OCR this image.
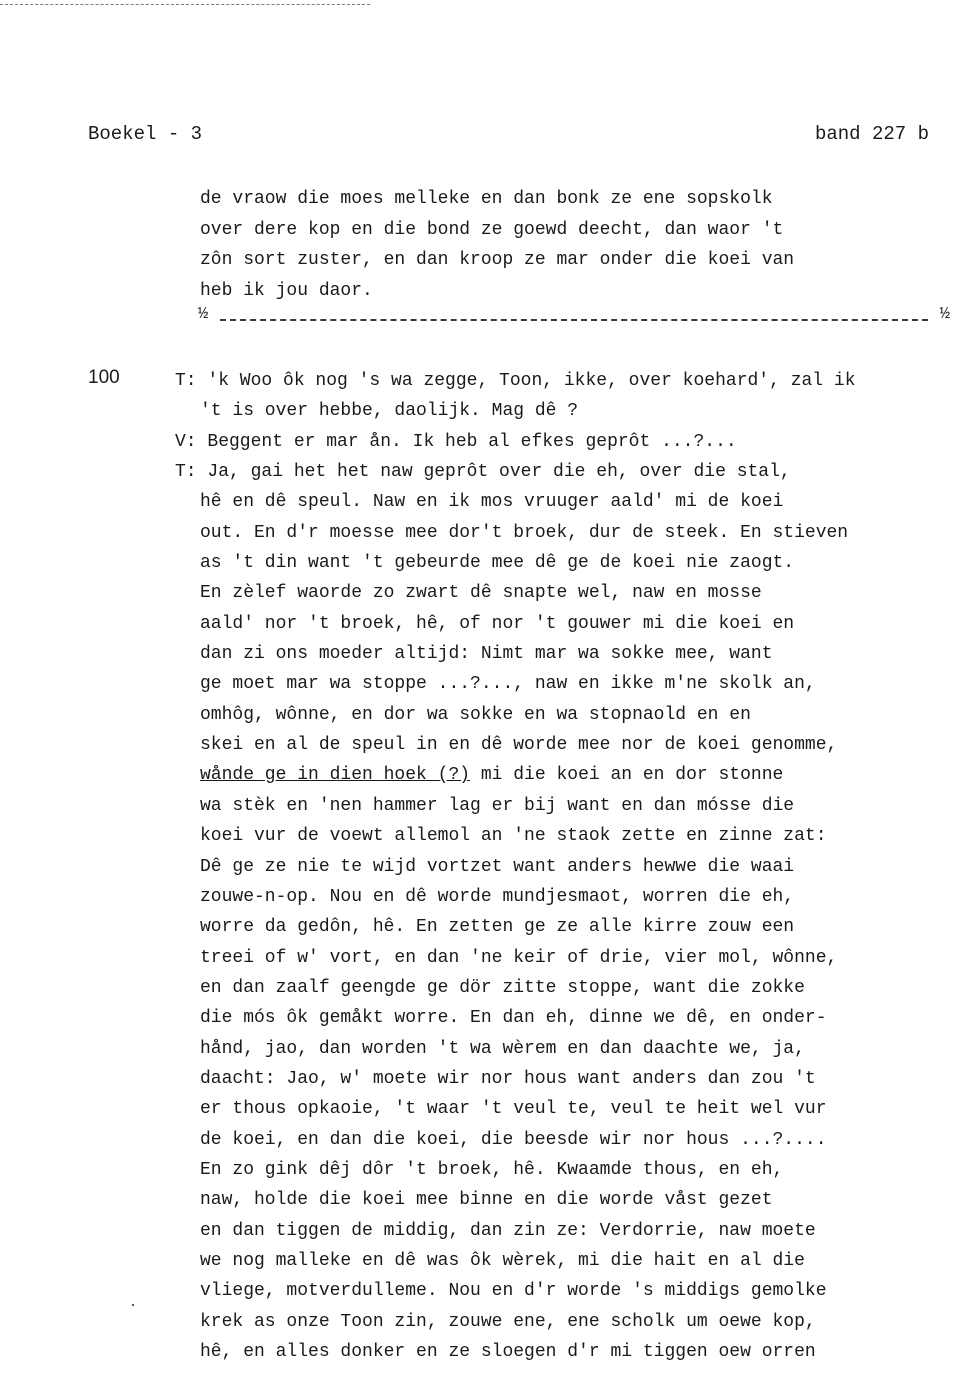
Boekel - 3	band 227 b
de vraow die moes melleke en dan bonk ze ene sopskolk
over dere kop en die bond ze goewd deecht, dan waor 't
zôn sort zuster, en dan kroop ze mar onder die koei van
heb ik jou daor.
½	½
100	T: 'k Woo ôk nog 's wa zegge, Toon, ikke, over koehard', zal ik
't is over hebbe, daolijk. Mag dê ?
V: Beggent er mar ån. Ik heb al efkes geprôt ...?...
T: Ja, gai het het naw geprôt over die eh, over die stal,
hê en dê speul. Naw en ik mos vruuger aald' mi de koei
out. En d'r moesse mee dor't broek, dur de steek. En stieven
as 't din want 't gebeurde mee dê ge de koei nie zaogt.
En zèlef waorde zo zwart dê snapte wel, naw en mosse
aald' nor 't broek, hê, of nor 't gouwer mi die koei en
dan zi ons moeder altijd: Nimt mar wa sokke mee, want
ge moet mar wa stoppe ...?..., naw en ikke m'ne skolk an,
omhôg, wônne, en dor wa sokke en wa stopnaold en en
skei en al de speul in en dê worde mee nor de koei genomme,
wånde ge in dien hoek (?) mi die koei an en dor stonne
wa stèk en 'nen hammer lag er bij want en dan mósse die
koei vur de voewt allemol an 'ne staok zette en zinne zat:
Dê ge ze nie te wijd vortzet want anders hewwe die waai
zouwe-n-op. Nou en dê worde mundjesmaot, worren die eh,
worre da gedôn, hê. En zetten ge ze alle kirre zouw een
treei of w' vort, en dan 'ne keir of drie, vier mol, wônne,
en dan zaalf geengde ge dör zitte stoppe, want die zokke
die mós ôk gemåkt worre. En dan eh, dinne we dê, en onder-
hånd, jao, dan worden 't wa wèrem en dan daachte we, ja,
daacht: Jao, w' moete wir nor hous want anders dan zou 't
er thous opkaoie, 't waar 't veul te, veul te heit wel vur
de koei, en dan die koei, die beesde wir nor hous ...?....
En zo gink dêj dôr 't broek, hê. Kwaamde thous, en eh,
naw, holde die koei mee binne en die worde våst gezet
en dan tiggen de middig, dan zin ze: Verdorrie, naw moete
we nog malleke en dê was ôk wèrek, mi die hait en al die
vliege, motverdulleme. Nou en d'r worde 's middigs gemolke
krek as onze Toon zin, zouwe ene, ene scholk um oewe kop,
hê, en alles donker en ze sloegen d'r mi tiggen oew orren
